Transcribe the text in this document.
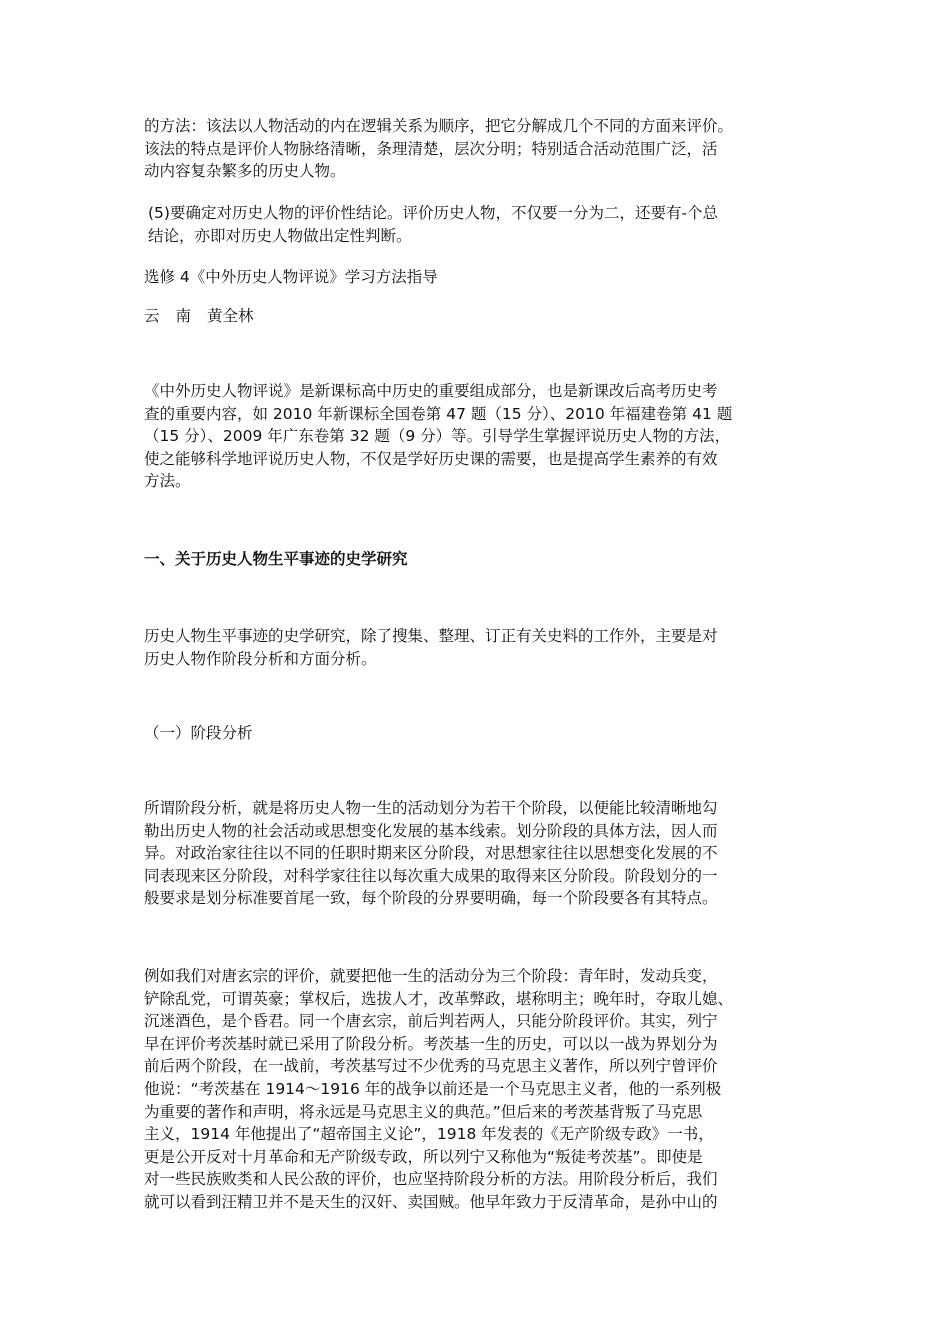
的方法：该法以人物活动的内在逻辑关系为顺序，把它分解成几个不同的方面来评价。
该法的特点是评价人物脉络清晰，条理清楚，层次分明；特别适合活动范围广泛，活
动内容复杂繁多的历史人物。
(5)要确定对历史人物的评价性结论。评价历史人物，不仅要一分为二，还要有-个总
结论，亦即对历史人物做出定性判断。
选修 4《中外历史人物评说》学习方法指导
云 南 黄全林
《中外历史人物评说》是新课标高中历史的重要组成部分，也是新课改后高考历史考
查的重要内容，如 2010 年新课标全国卷第 47 题（15 分）、2010 年福建卷第 41 题
（15 分）、2009 年广东卷第 32 题（9 分）等。引导学生掌握评说历史人物的方法，
使之能够科学地评说历史人物，不仅是学好历史课的需要，也是提高学生素养的有效
方法。
一、关于历史人物生平事迹的史学研究
历史人物生平事迹的史学研究，除了搜集、整理、订正有关史料的工作外，主要是对
历史人物作阶段分析和方面分析。
（一）阶段分析
所谓阶段分析，就是将历史人物一生的活动划分为若干个阶段，以便能比较清晰地勾
勒出历史人物的社会活动或思想变化发展的基本线索。划分阶段的具体方法，因人而
异。对政治家往往以不同的任职时期来区分阶段，对思想家往往以思想变化发展的不
同表现来区分阶段，对科学家往往以每次重大成果的取得来区分阶段。阶段划分的一
般要求是划分标准要首尾一致，每个阶段的分界要明确，每一个阶段要各有其特点。
例如我们对唐玄宗的评价，就要把他一生的活动分为三个阶段：青年时，发动兵变，
铲除乱党，可谓英豪；掌权后，选拔人才，改革弊政，堪称明主；晚年时，夺取儿媳、
沉迷酒色，是个昏君。同一个唐玄宗，前后判若两人，只能分阶段评价。其实，列宁
早在评价考茨基时就已采用了阶段分析。考茨基一生的历史，可以以一战为界划分为
前后两个阶段，在一战前，考茨基写过不少优秀的马克思主义著作，所以列宁曾评价
他说：“考茨基在 1914～1916 年的战争以前还是一个马克思主义者，他的一系列极
为重要的著作和声明，将永远是马克思主义的典范。”但后来的考茨基背叛了马克思
主义，1914 年他提出了“超帝国主义论”，1918 年发表的《无产阶级专政》一书，
更是公开反对十月革命和无产阶级专政，所以列宁又称他为“叛徒考茨基”。即使是
对一些民族败类和人民公敌的评价，也应坚持阶段分析的方法。用阶段分析后，我们
就可以看到汪精卫并不是天生的汉奸、卖国贼。他早年致力于反清革命，是孙中山的
